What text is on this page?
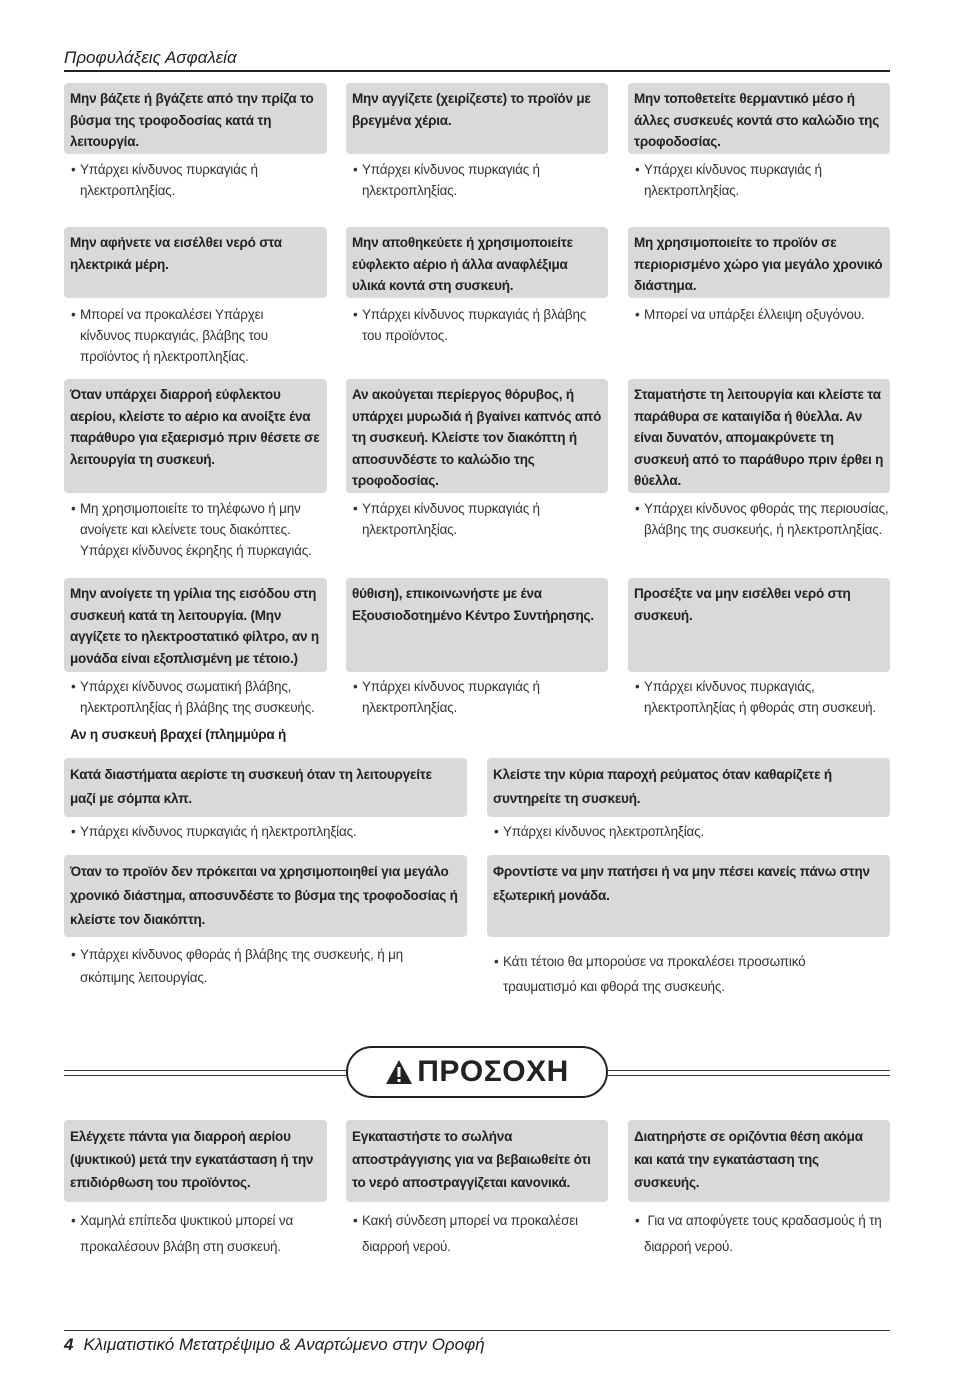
Προφυλάξεις Ασφαλεία
Μην βάζετε ή βγάζετε από την πρίζα το βύσμα της τροφοδοσίας κατά τη λειτουργία.
• Υπάρχει κίνδυνος πυρκαγιάς ή ηλεκτροπληξίας.
Μην αγγίζετε (χειρίζεστε) το προϊόν με βρεγμένα χέρια.
• Υπάρχει κίνδυνος πυρκαγιάς ή ηλεκτροπληξίας.
Μην τοποθετείτε θερμαντικό μέσο ή άλλες συσκευές κοντά στο καλώδιο της τροφοδοσίας.
• Υπάρχει κίνδυνος πυρκαγιάς ή ηλεκτροπληξίας.
Μην αφήνετε να εισέλθει νερό στα ηλεκτρικά μέρη.
• Μπορεί να προκαλέσει Υπάρχει κίνδυνος πυρκαγιάς, βλάβης του προϊόντος ή ηλεκτροπληξίας.
Μην αποθηκεύετε ή χρησιμοποιείτε εύφλεκτο αέριο ή άλλα αναφλέξιμα υλικά κοντά στη συσκευή.
• Υπάρχει κίνδυνος πυρκαγιάς ή βλάβης του προϊόντος.
Μη χρησιμοποιείτε το προϊόν σε περιορισμένο χώρο για μεγάλο χρονικό διάστημα.
• Μπορεί να υπάρξει έλλειψη οξυγόνου.
Όταν υπάρχει διαρροή εύφλεκτου αερίου, κλείστε το αέριο κα ανοίξτε ένα παράθυρο για εξαερισμό πριν θέσετε σε λειτουργία τη συσκευή.
• Μη χρησιμοποιείτε το τηλέφωνο ή μην ανοίγετε και κλείνετε τους διακόπτες. Υπάρχει κίνδυνος έκρηξης ή πυρκαγιάς.
Αν ακούγεται περίεργος θόρυβος, ή υπάρχει μυρωδιά ή βγαίνει καπνός από τη συσκευή. Κλείστε τον διακόπτη ή αποσυνδέστε το καλώδιο της τροφοδοσίας.
• Υπάρχει κίνδυνος πυρκαγιάς ή ηλεκτροπληξίας.
Σταματήστε τη λειτουργία και κλείστε τα παράθυρα σε καταιγίδα ή θύελλα. Αν είναι δυνατόν, απομακρύνετε τη συσκευή από το παράθυρο πριν έρθει η θύελλα.
• Υπάρχει κίνδυνος φθοράς της περιουσίας, βλάβης της συσκευής, ή ηλεκτροπληξίας.
Μην ανοίγετε τη γρίλια της εισόδου στη συσκευή κατά τη λειτουργία. (Μην αγγίζετε το ηλεκτροστατικό φίλτρο, αν η μονάδα είναι εξοπλισμένη με τέτοιο.)
• Υπάρχει κίνδυνος σωματική βλάβης, ηλεκτροπληξίας ή βλάβης της συσκευής.
θύθιση), επικοινωνήστε με ένα Εξουσιοδοτημένο Κέντρο Συντήρησης.
• Υπάρχει κίνδυνος πυρκαγιάς ή ηλεκτροπληξίας.
Προσέξτε να μην εισέλθει νερό στη συσκευή.
• Υπάρχει κίνδυνος πυρκαγιάς, ηλεκτροπληξίας ή φθοράς στη συσκευή.
Αν η συσκευή βραχεί (πλημμύρα ή
Κατά διαστήματα αερίστε τη συσκευή όταν τη λειτουργείτε μαζί με σόμπα κλπ.
• Υπάρχει κίνδυνος πυρκαγιάς ή ηλεκτροπληξίας.
Κλείστε την κύρια παροχή ρεύματος όταν καθαρίζετε ή συντηρείτε τη συσκευή.
• Υπάρχει κίνδυνος ηλεκτροπληξίας.
Όταν το προϊόν δεν πρόκειται να χρησιμοποιηθεί για μεγάλο χρονικό διάστημα, αποσυνδέστε το βύσμα της τροφοδοσίας ή κλείστε τον διακόπτη.
• Υπάρχει κίνδυνος φθοράς ή βλάβης της συσκευής, ή μη σκόπιμης λειτουργίας.
Φροντίστε να μην πατήσει ή να μην πέσει κανείς πάνω στην εξωτερική μονάδα.
• Κάτι τέτοιο θα μπορούσε να προκαλέσει προσωπικό τραυματισμό και φθορά της συσκευής.
ΠΡΟΣΟΧΗ
Ελέγχετε πάντα για διαρροή αερίου (ψυκτικού) μετά την εγκατάσταση ή την επιδιόρθωση του προϊόντος.
• Χαμηλά επίπεδα ψυκτικού μπορεί να προκαλέσουν βλάβη στη συσκευή.
Εγκαταστήστε το σωλήνα αποστράγγισης για να βεβαιωθείτε ότι το νερό αποστραγγίζεται κανονικά.
• Κακή σύνδεση μπορεί να προκαλέσει διαρροή νερού.
Διατηρήστε σε οριζόντια θέση ακόμα και κατά την εγκατάσταση της συσκευής.
• Για να αποφύγετε τους κραδασμούς ή τη διαρροή νερού.
4 Κλιματιστικό Μετατρέψιμο & Αναρτώμενο στην Οροφή
